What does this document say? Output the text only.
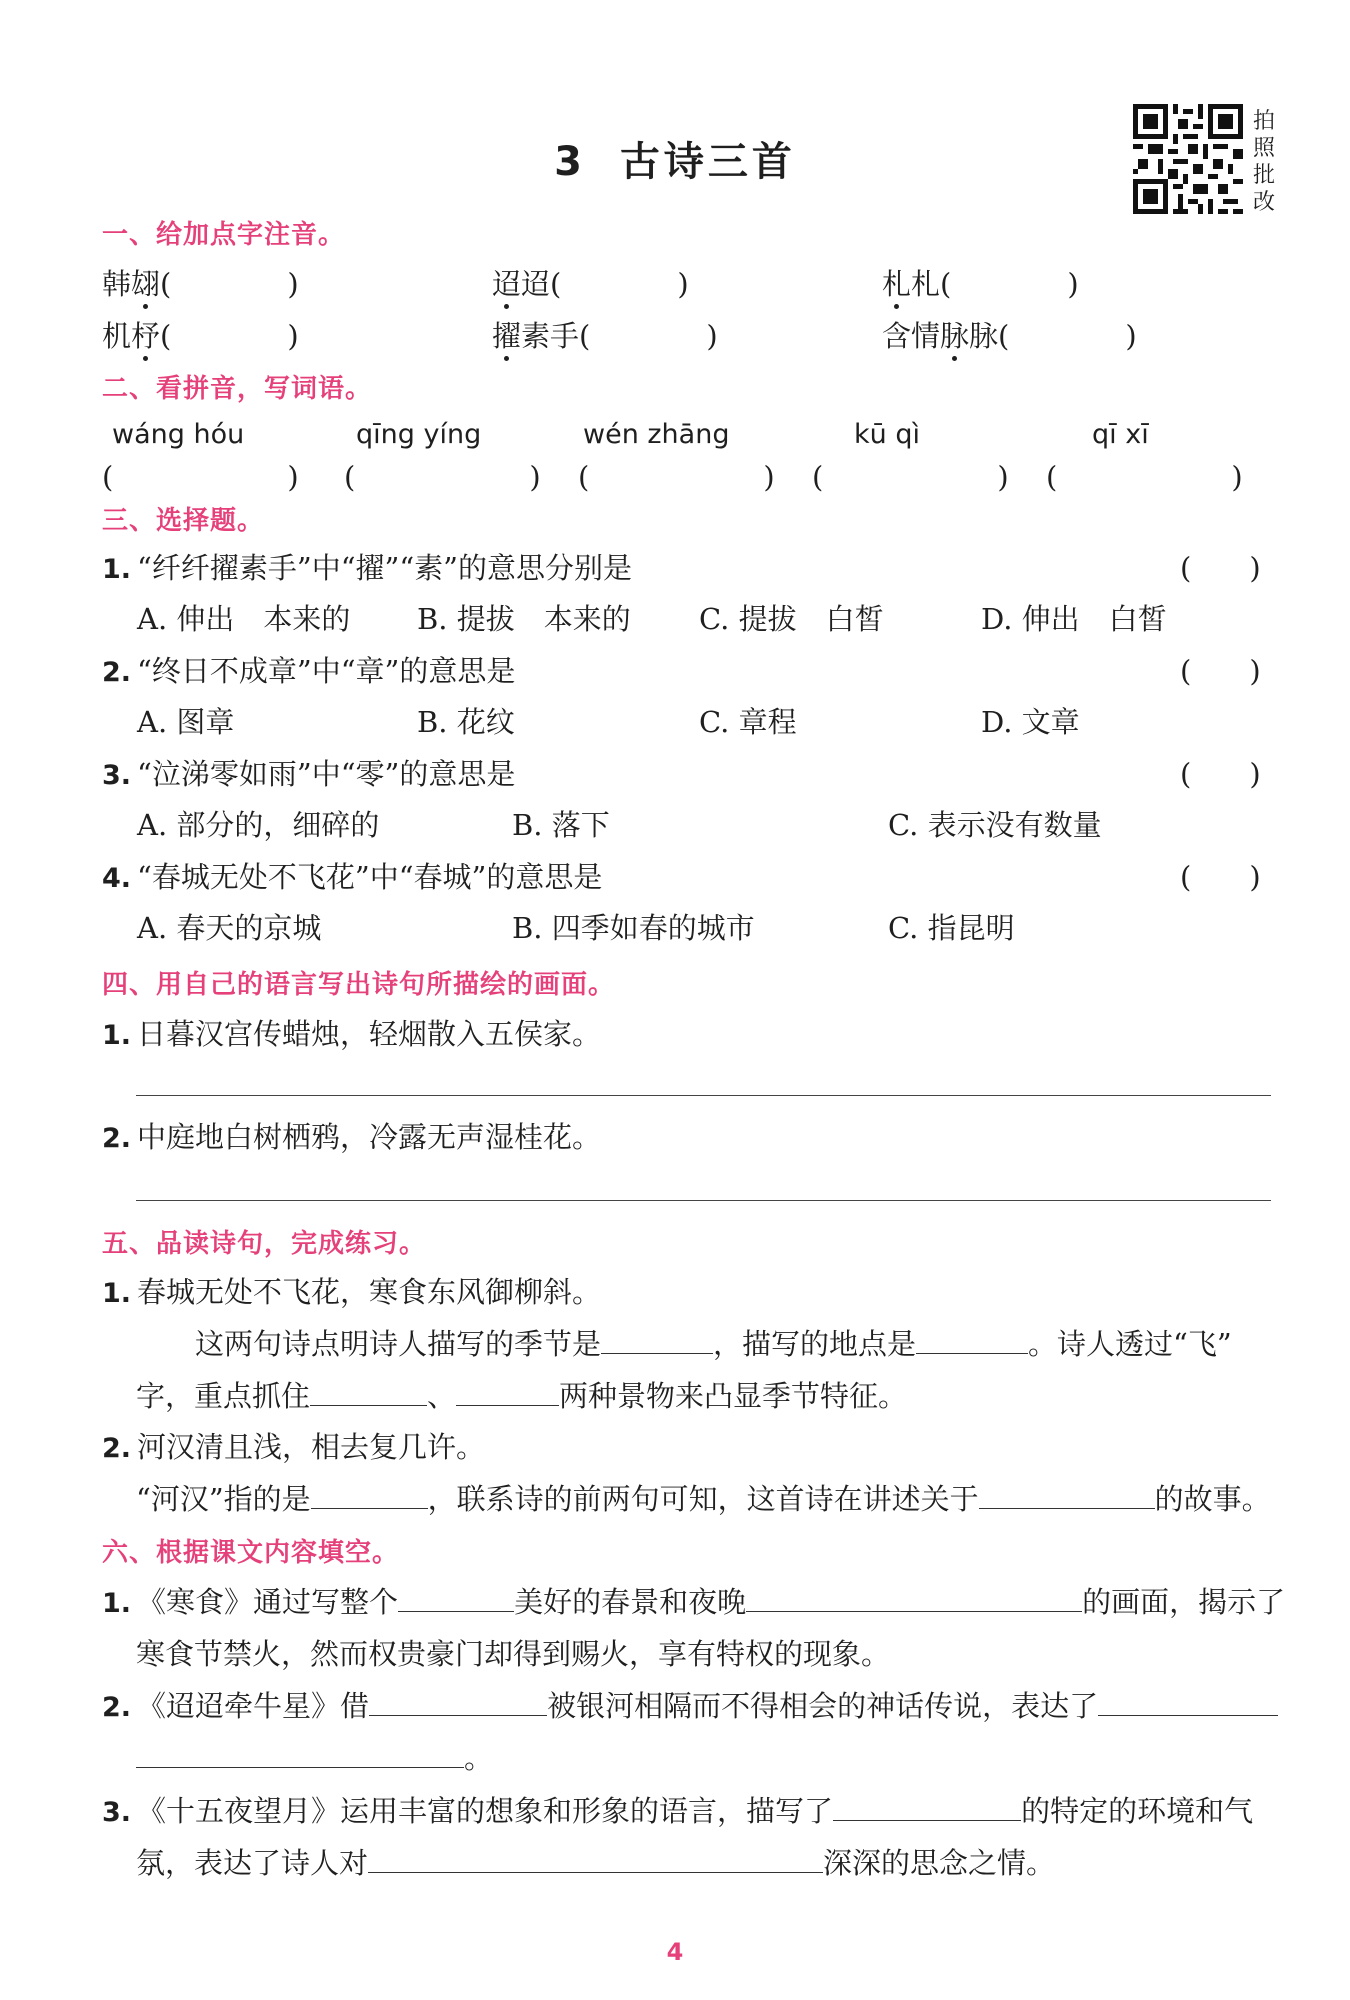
3 古诗三首
拍照批改
一、给加点字注音。
韩翃(　　　　)	迢迢(　　　　)	札札(　　　　)
机杼(　　　　)	擢素手(　　　　)	含情脉脉(　　　　)
二、看拼音，写词语。
wáng hóu	qīng yíng	wén zhāng	kū qì	qī xī
(　　　　　　) (　　　　　　) (　　　　　　) (　　　　　　) (　　　　　　)
三、选择题。
1. “纤纤擢素手”中“擢”“素”的意思分别是	(　　)
A. 伸出　本来的 B. 提拔　本来的 C. 提拔　白皙	D. 伸出　白皙
2. “终日不成章”中“章”的意思是	(　　)
A. 图章	B. 花纹	C. 章程	D. 文章
3. “泣涕零如雨”中“零”的意思是	(　　)
A. 部分的，细碎的	B. 落下	C. 表示没有数量
4. “春城无处不飞花”中“春城”的意思是	(　　)
A. 春天的京城	B. 四季如春的城市	C. 指昆明
四、用自己的语言写出诗句所描绘的画面。
1. 日暮汉宫传蜡烛，轻烟散入五侯家。
2. 中庭地白树栖鸦，冷露无声湿桂花。
五、品读诗句，完成练习。
1. 春城无处不飞花，寒食东风御柳斜。
这两句诗点明诗人描写的季节是	，描写的地点是	。诗人透过“飞”
字，重点抓住	、	两种景物来凸显季节特征。
2. 河汉清且浅，相去复几许。
“河汉”指的是	，联系诗的前两句可知，这首诗在讲述关于	的故事。
六、根据课文内容填空。
1. 《寒食》通过写整个	美好的春景和夜晚	的画面，揭示了
寒食节禁火，然而权贵豪门却得到赐火，享有特权的现象。
2. 《迢迢牵牛星》借	被银河相隔而不得相会的神话传说，表达了
。
3. 《十五夜望月》运用丰富的想象和形象的语言，描写了	的特定的环境和气
氛，表达了诗人对	深深的思念之情。
4
